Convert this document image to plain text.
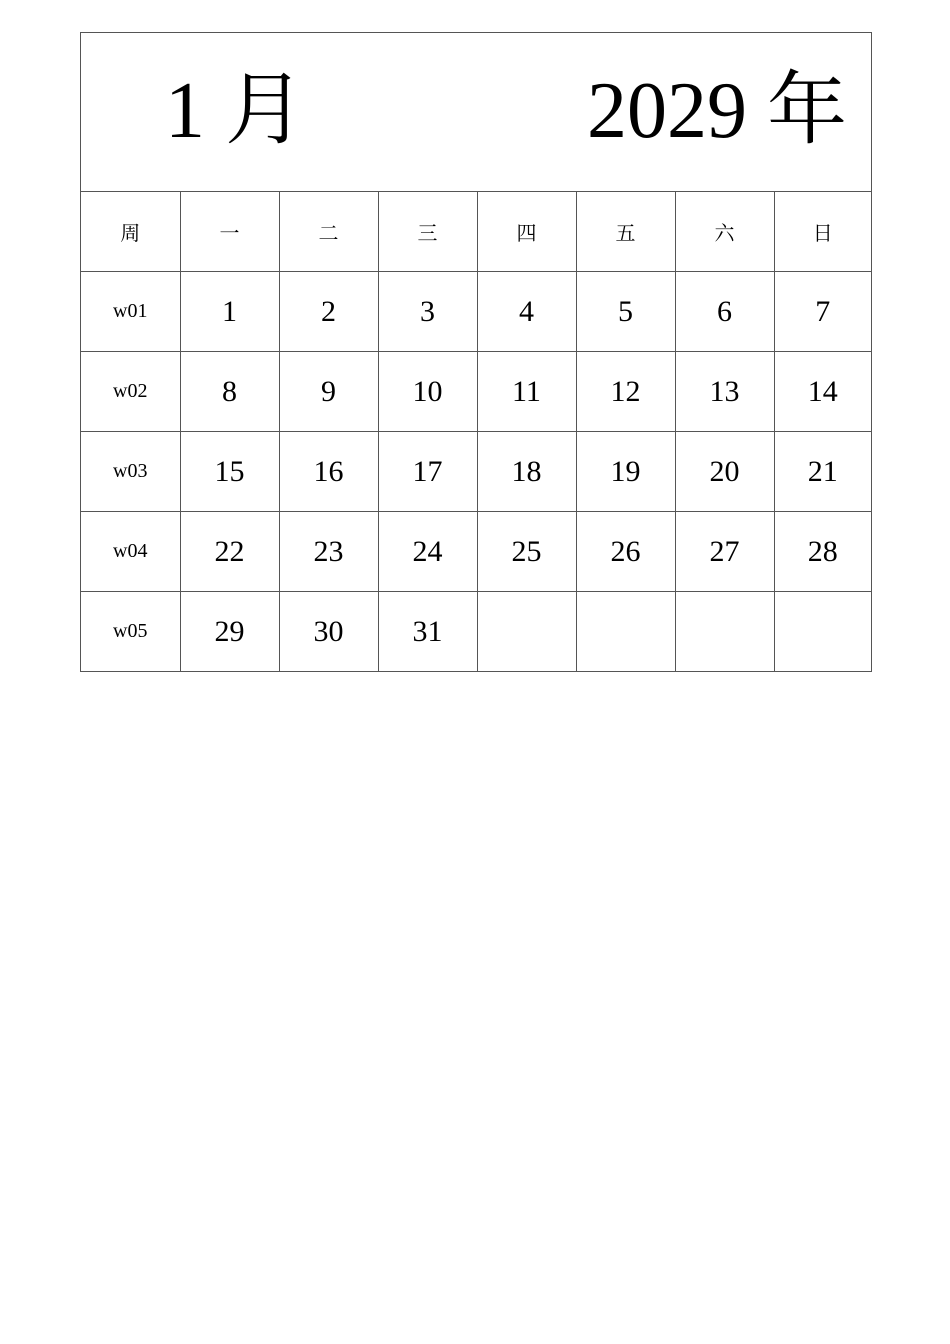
1 月	2029 年
周	一	二	三	四	五	六	日
w01	1	2	3	4	5	6	7
w02	8	9	10	11	12	13	14
w03	15	16	17	18	19	20	21
w04	22	23	24	25	26	27	28
w05	29	30	31				
